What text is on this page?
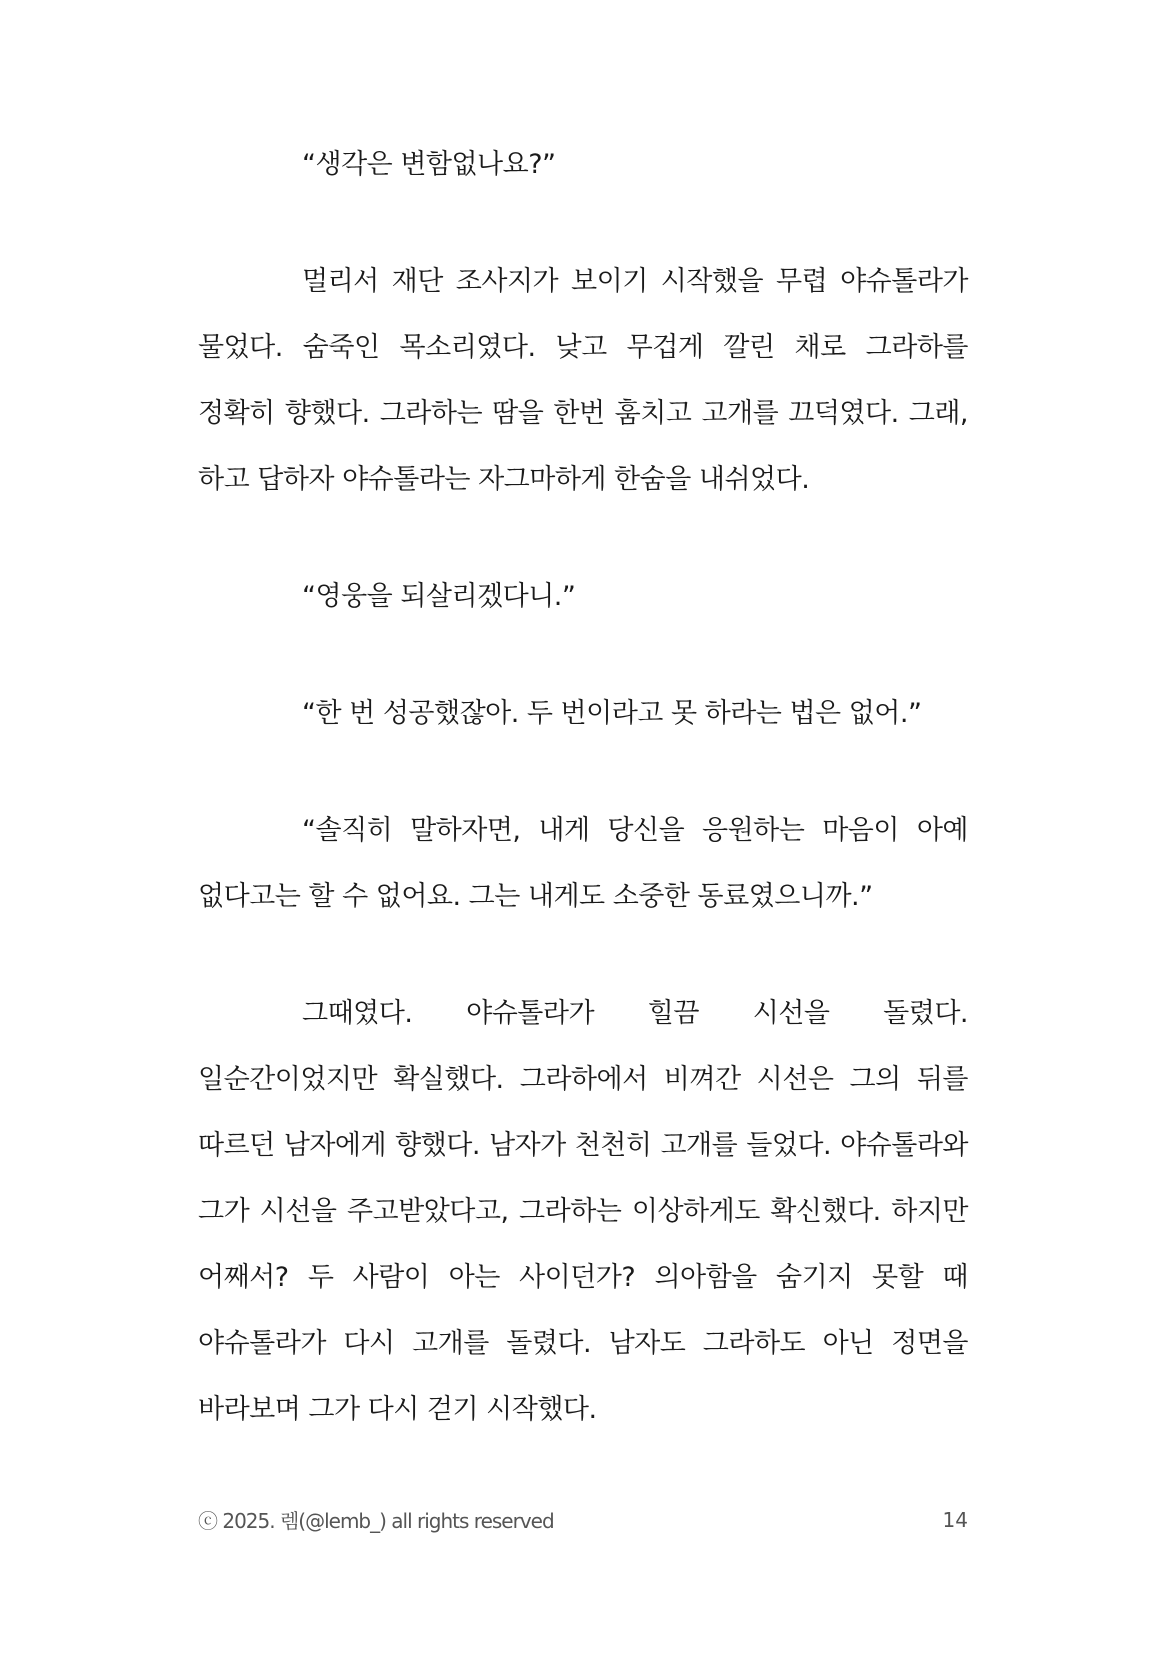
“생각은 변함없나요?”

멀리서 재단 조사지가 보이기 시작했을 무렵 야슈톨라가 물었다. 숨죽인 목소리였다. 낮고 무겁게 깔린 채로 그라하를 정확히 향했다. 그라하는 땀을 한번 훔치고 고개를 끄덕였다. 그래, 하고 답하자 야슈톨라는 자그마하게 한숨을 내쉬었다.

“영웅을 되살리겠다니.”

“한 번 성공했잖아. 두 번이라고 못 하라는 법은 없어.”

“솔직히 말하자면, 내게 당신을 응원하는 마음이 아예 없다고는 할 수 없어요. 그는 내게도 소중한 동료였으니까.”

그때였다. 야슈톨라가 힐끔 시선을 돌렸다. 일순간이었지만 확실했다. 그라하에서 비껴간 시선은 그의 뒤를 따르던 남자에게 향했다. 남자가 천천히 고개를 들었다. 야슈톨라와 그가 시선을 주고받았다고, 그라하는 이상하게도 확신했다. 하지만 어째서? 두 사람이 아는 사이던가? 의아함을 숨기지 못할 때 야슈톨라가 다시 고개를 돌렸다. 남자도 그라하도 아닌 정면을 바라보며 그가 다시 걷기 시작했다.

ⓒ 2025. 렘(@lemb_) all rights reserved	14
